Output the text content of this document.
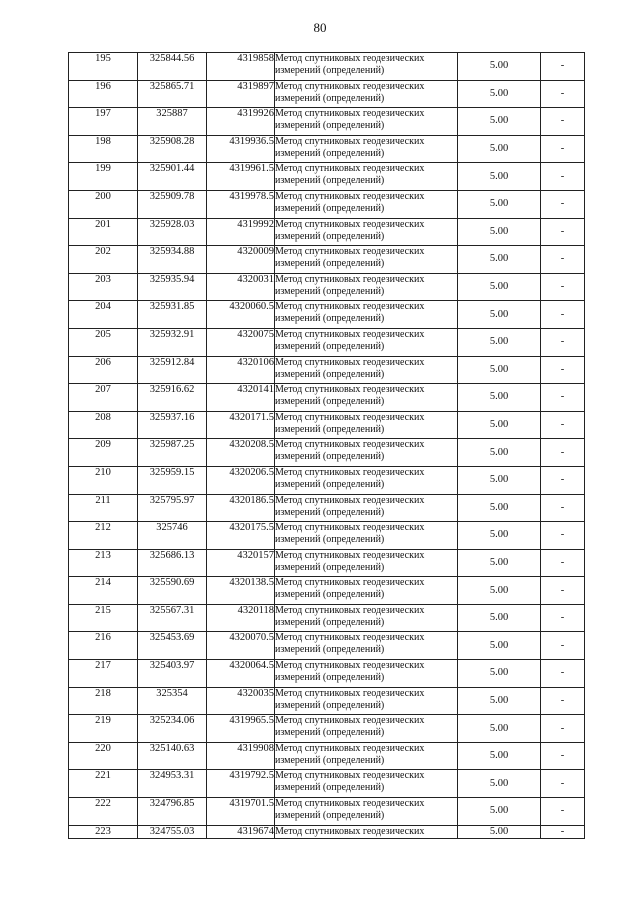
80
195	325844.56	4319858	Метод спутниковых геодезических измерений (определений)	5.00	-
196	325865.71	4319897	Метод спутниковых геодезических измерений (определений)	5.00	-
197	325887	4319926	Метод спутниковых геодезических измерений (определений)	5.00	-
198	325908.28	4319936.5	Метод спутниковых геодезических измерений (определений)	5.00	-
199	325901.44	4319961.5	Метод спутниковых геодезических измерений (определений)	5.00	-
200	325909.78	4319978.5	Метод спутниковых геодезических измерений (определений)	5.00	-
201	325928.03	4319992	Метод спутниковых геодезических измерений (определений)	5.00	-
202	325934.88	4320009	Метод спутниковых геодезических измерений (определений)	5.00	-
203	325935.94	4320031	Метод спутниковых геодезических измерений (определений)	5.00	-
204	325931.85	4320060.5	Метод спутниковых геодезических измерений (определений)	5.00	-
205	325932.91	4320075	Метод спутниковых геодезических измерений (определений)	5.00	-
206	325912.84	4320106	Метод спутниковых геодезических измерений (определений)	5.00	-
207	325916.62	4320141	Метод спутниковых геодезических измерений (определений)	5.00	-
208	325937.16	4320171.5	Метод спутниковых геодезических измерений (определений)	5.00	-
209	325987.25	4320208.5	Метод спутниковых геодезических измерений (определений)	5.00	-
210	325959.15	4320206.5	Метод спутниковых геодезических измерений (определений)	5.00	-
211	325795.97	4320186.5	Метод спутниковых геодезических измерений (определений)	5.00	-
212	325746	4320175.5	Метод спутниковых геодезических измерений (определений)	5.00	-
213	325686.13	4320157	Метод спутниковых геодезических измерений (определений)	5.00	-
214	325590.69	4320138.5	Метод спутниковых геодезических измерений (определений)	5.00	-
215	325567.31	4320118	Метод спутниковых геодезических измерений (определений)	5.00	-
216	325453.69	4320070.5	Метод спутниковых геодезических измерений (определений)	5.00	-
217	325403.97	4320064.5	Метод спутниковых геодезических измерений (определений)	5.00	-
218	325354	4320035	Метод спутниковых геодезических измерений (определений)	5.00	-
219	325234.06	4319965.5	Метод спутниковых геодезических измерений (определений)	5.00	-
220	325140.63	4319908	Метод спутниковых геодезических измерений (определений)	5.00	-
221	324953.31	4319792.5	Метод спутниковых геодезических измерений (определений)	5.00	-
222	324796.85	4319701.5	Метод спутниковых геодезических измерений (определений)	5.00	-
223	324755.03	4319674	Метод спутниковых геодезических	5.00	-
